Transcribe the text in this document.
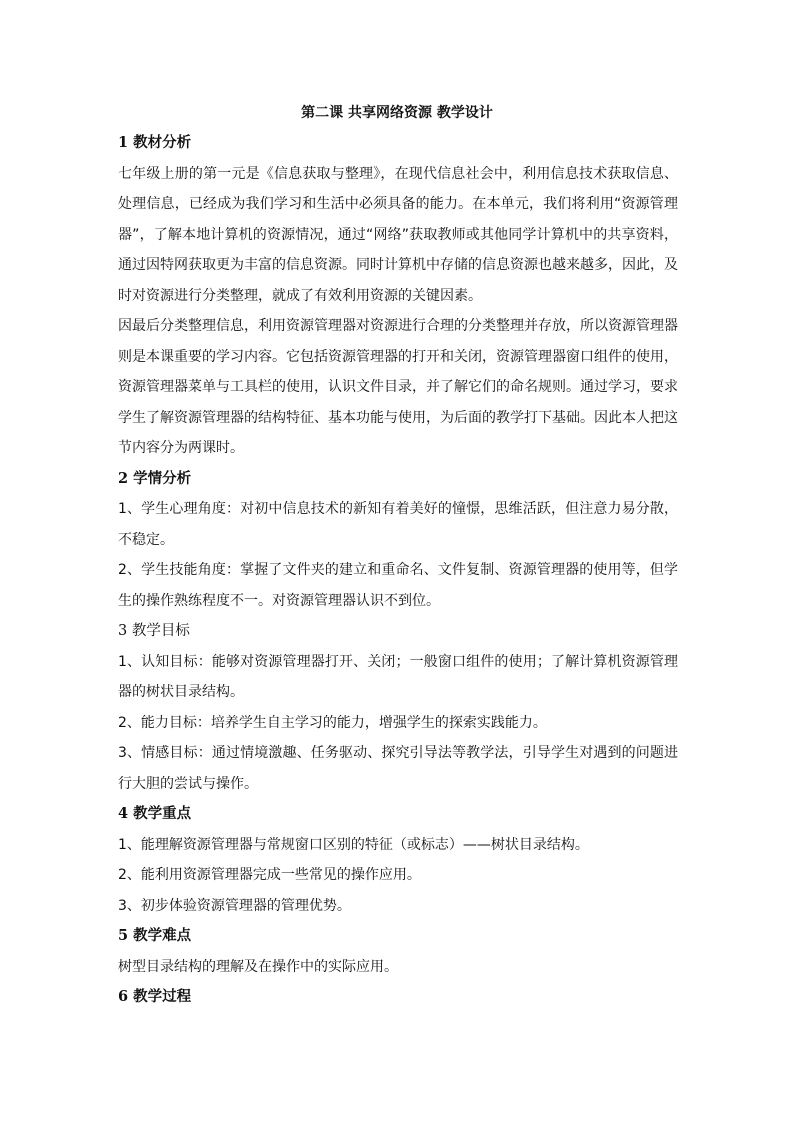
第二课 共享网络资源 教学设计
1 教材分析

七年级上册的第一元是《信息获取与整理》，在现代信息社会中，利用信息技术获取信息、处理信息，已经成为我们学习和生活中必须具备的能力。在本单元，我们将利用“资源管理器”，了解本地计算机的资源情况，通过“网络”获取教师或其他同学计算机中的共享资料，通过因特网获取更为丰富的信息资源。同时计算机中存储的信息资源也越来越多，因此，及时对资源进行分类整理，就成了有效利用资源的关键因素。

因最后分类整理信息，利用资源管理器对资源进行合理的分类整理并存放，所以资源管理器则是本课重要的学习内容。它包括资源管理器的打开和关闭，资源管理器窗口组件的使用，资源管理器菜单与工具栏的使用，认识文件目录，并了解它们的命名规则。通过学习，要求学生了解资源管理器的结构特征、基本功能与使用，为后面的教学打下基础。因此本人把这节内容分为两课时。

2 学情分析

1、学生心理角度：对初中信息技术的新知有着美好的憧憬，思维活跃，但注意力易分散，不稳定。

2、学生技能角度：掌握了文件夹的建立和重命名、文件复制、资源管理器的使用等，但学生的操作熟练程度不一。对资源管理器认识不到位。

3 教学目标

1、认知目标：能够对资源管理器打开、关闭；一般窗口组件的使用；了解计算机资源管理器的树状目录结构。

2、能力目标：培养学生自主学习的能力，增强学生的探索实践能力。

3、情感目标：通过情境激趣、任务驱动、探究引导法等教学法，引导学生对遇到的问题进行大胆的尝试与操作。

4 教学重点

1、能理解资源管理器与常规窗口区别的特征（或标志）——树状目录结构。

2、能利用资源管理器完成一些常见的操作应用。

3、初步体验资源管理器的管理优势。

5 教学难点

树型目录结构的理解及在操作中的实际应用。

6 教学过程
